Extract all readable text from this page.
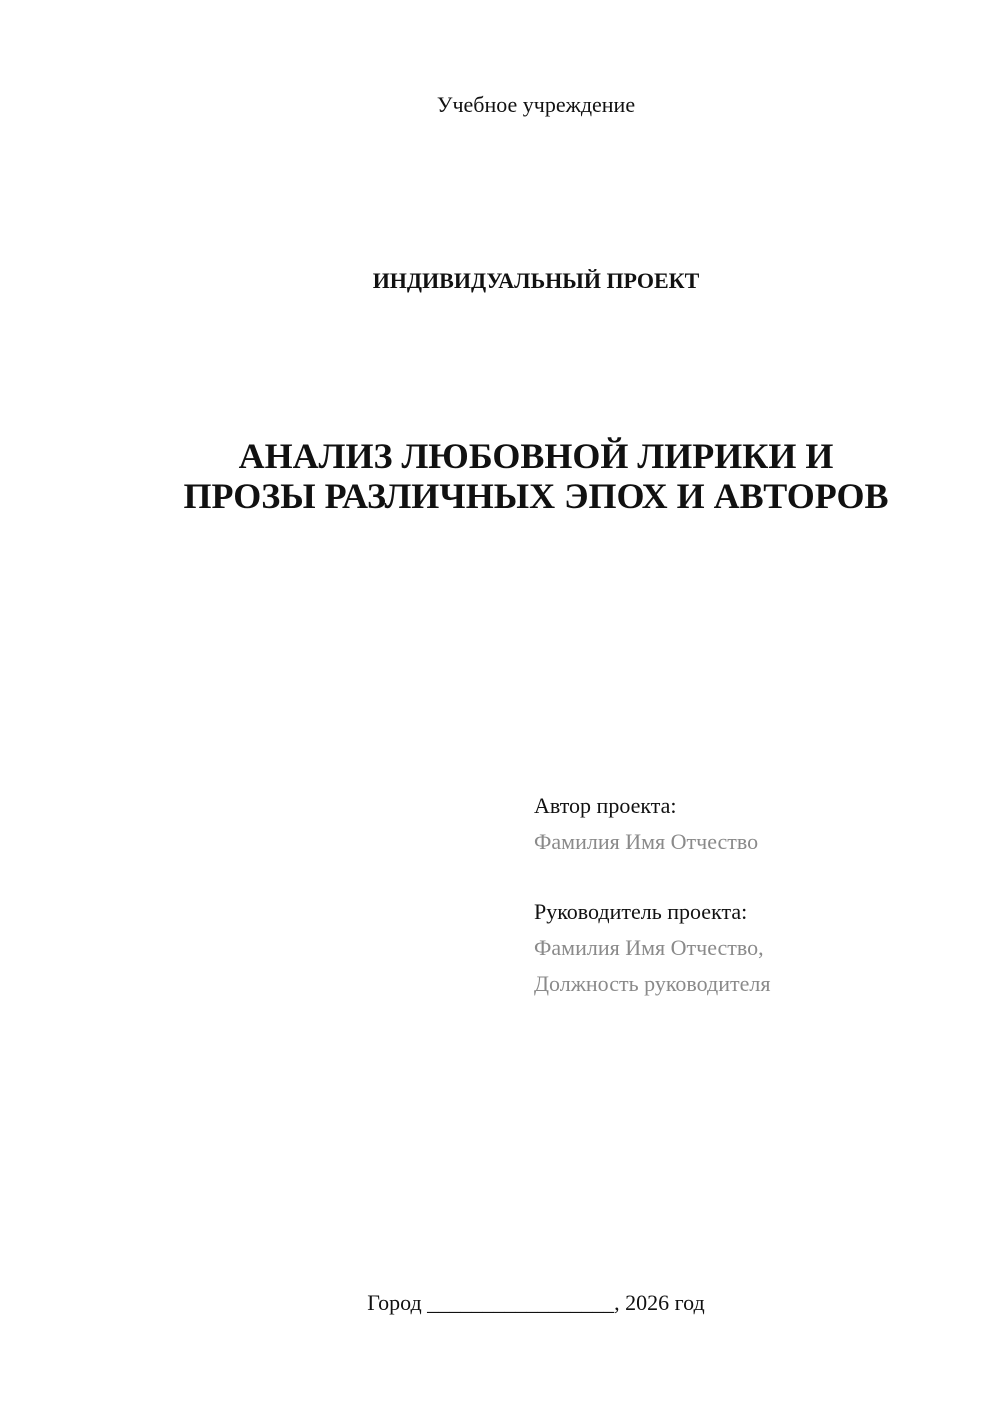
Учебное учреждение
ИНДИВИДУАЛЬНЫЙ ПРОЕКТ
АНАЛИЗ ЛЮБОВНОЙ ЛИРИКИ И
ПРОЗЫ РАЗЛИЧНЫХ ЭПОХ И АВТОРОВ
Автор проекта:
Фамилия Имя Отчество
Руководитель проекта:
Фамилия Имя Отчество,
Должность руководителя
Город _________________, 2026 год
